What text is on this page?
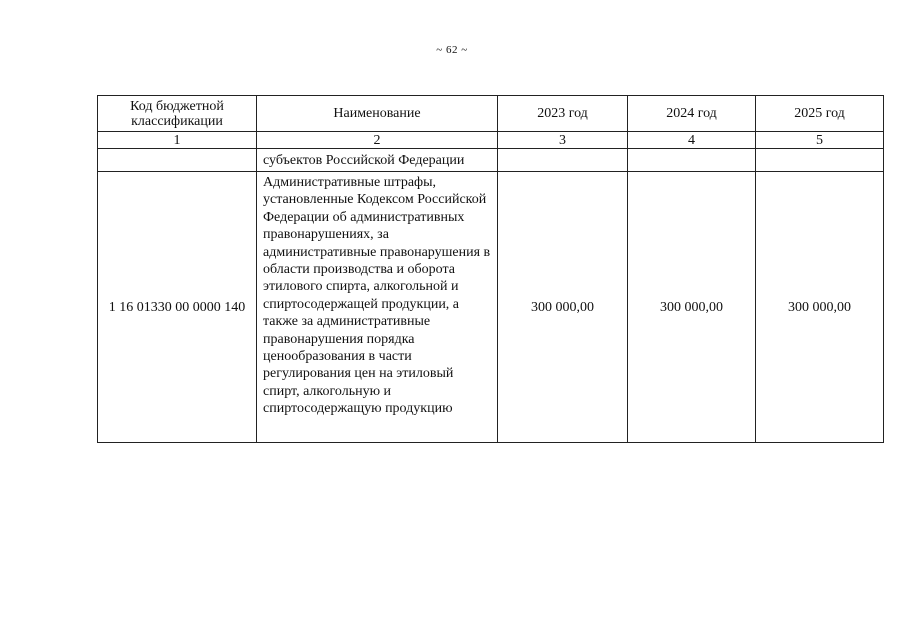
~ 62 ~
Код бюджетной классификации	Наименование	2023 год	2024 год	2025 год
1	2	3	4	5
	субъектов Российской Федерации			
1 16 01330 00 0000 140	Административные штрафы, установленные Кодексом Российской Федерации об административных правонарушениях, за административные правонарушения в области производства и оборота этилового спирта, алкогольной и спиртосодержащей продукции, а также за административные правонарушения порядка ценообразования в части регулирования цен на этиловый спирт, алкогольную и спиртосодержащую продукцию	300 000,00	300 000,00	300 000,00
